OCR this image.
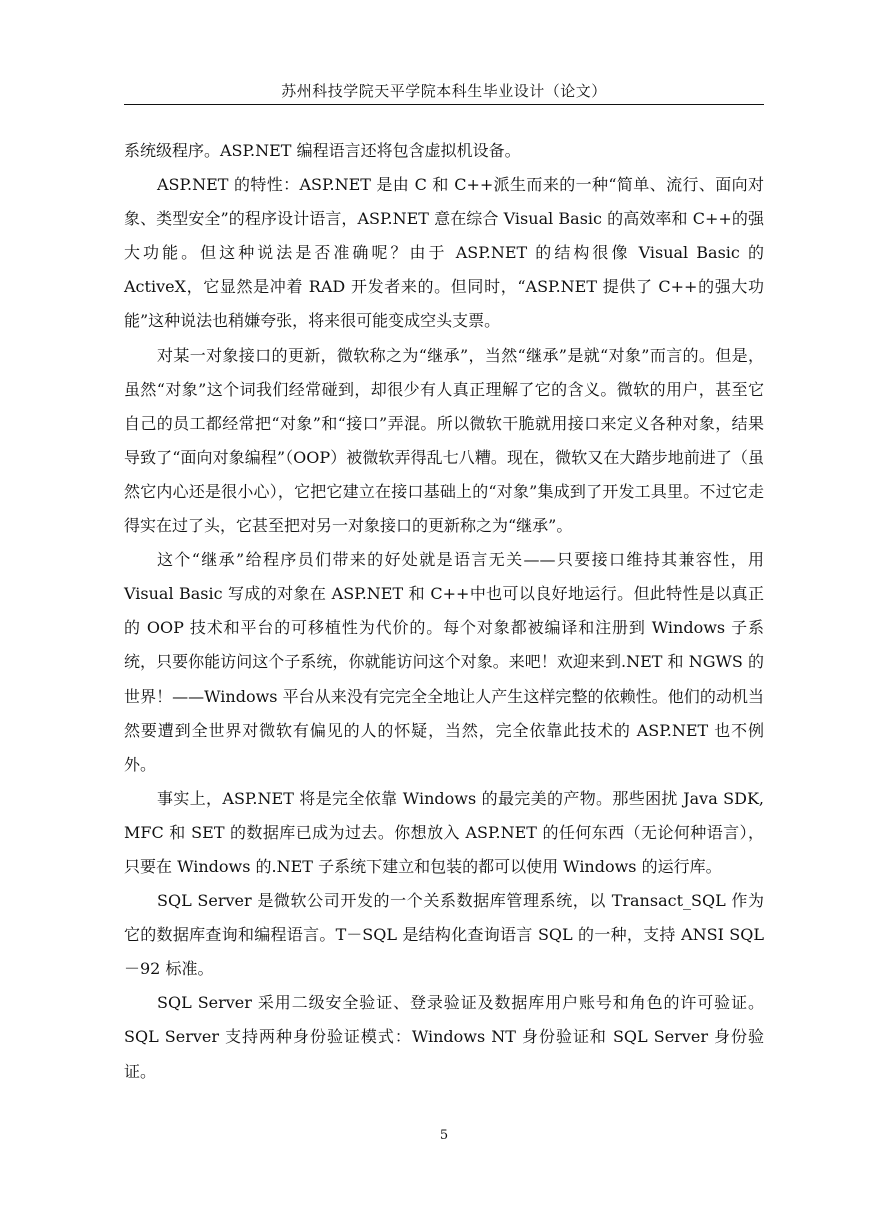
苏州科技学院天平学院本科生毕业设计（论文）

系统级程序。ASP.NET 编程语言还将包含虚拟机设备。

ASP.NET 的特性：ASP.NET 是由 C 和 C++派生而来的一种“简单、流行、面向对象、类型安全”的程序设计语言，ASP.NET 意在综合 Visual Basic 的高效率和 C++的强大功能。但这种说法是否准确呢？由于 ASP.NET 的结构很像 Visual Basic 的 ActiveX，它显然是冲着 RAD 开发者来的。但同时，“ASP.NET 提供了 C++的强大功能”这种说法也稍嫌夸张，将来很可能变成空头支票。

对某一对象接口的更新，微软称之为“继承”，当然“继承”是就“对象”而言的。但是，虽然“对象”这个词我们经常碰到，却很少有人真正理解了它的含义。微软的用户，甚至它自己的员工都经常把“对象”和“接口”弄混。所以微软干脆就用接口来定义各种对象，结果导致了“面向对象编程”（OOP）被微软弄得乱七八糟。现在，微软又在大踏步地前进了（虽然它内心还是很小心），它把它建立在接口基础上的“对象”集成到了开发工具里。不过它走得实在过了头，它甚至把对另一对象接口的更新称之为“继承”。

这个“继承”给程序员们带来的好处就是语言无关——只要接口维持其兼容性，用 Visual Basic 写成的对象在 ASP.NET 和 C++中也可以良好地运行。但此特性是以真正的 OOP 技术和平台的可移植性为代价的。每个对象都被编译和注册到 Windows 子系统，只要你能访问这个子系统，你就能访问这个对象。来吧！欢迎来到.NET 和 NGWS 的世界！——Windows 平台从来没有完完全全地让人产生这样完整的依赖性。他们的动机当然要遭到全世界对微软有偏见的人的怀疑，当然，完全依靠此技术的 ASP.NET 也不例外。

事实上，ASP.NET 将是完全依靠 Windows 的最完美的产物。那些困扰 Java SDK, MFC 和 SET 的数据库已成为过去。你想放入 ASP.NET 的任何东西（无论何种语言），只要在 Windows 的.NET 子系统下建立和包装的都可以使用 Windows 的运行库。

SQL Server 是微软公司开发的一个关系数据库管理系统，以 Transact_SQL 作为它的数据库查询和编程语言。T－SQL 是结构化查询语言 SQL 的一种，支持 ANSI SQL－92 标准。

SQL Server 采用二级安全验证、登录验证及数据库用户账号和角色的许可验证。SQL Server 支持两种身份验证模式：Windows NT 身份验证和 SQL Server 身份验证。

5
